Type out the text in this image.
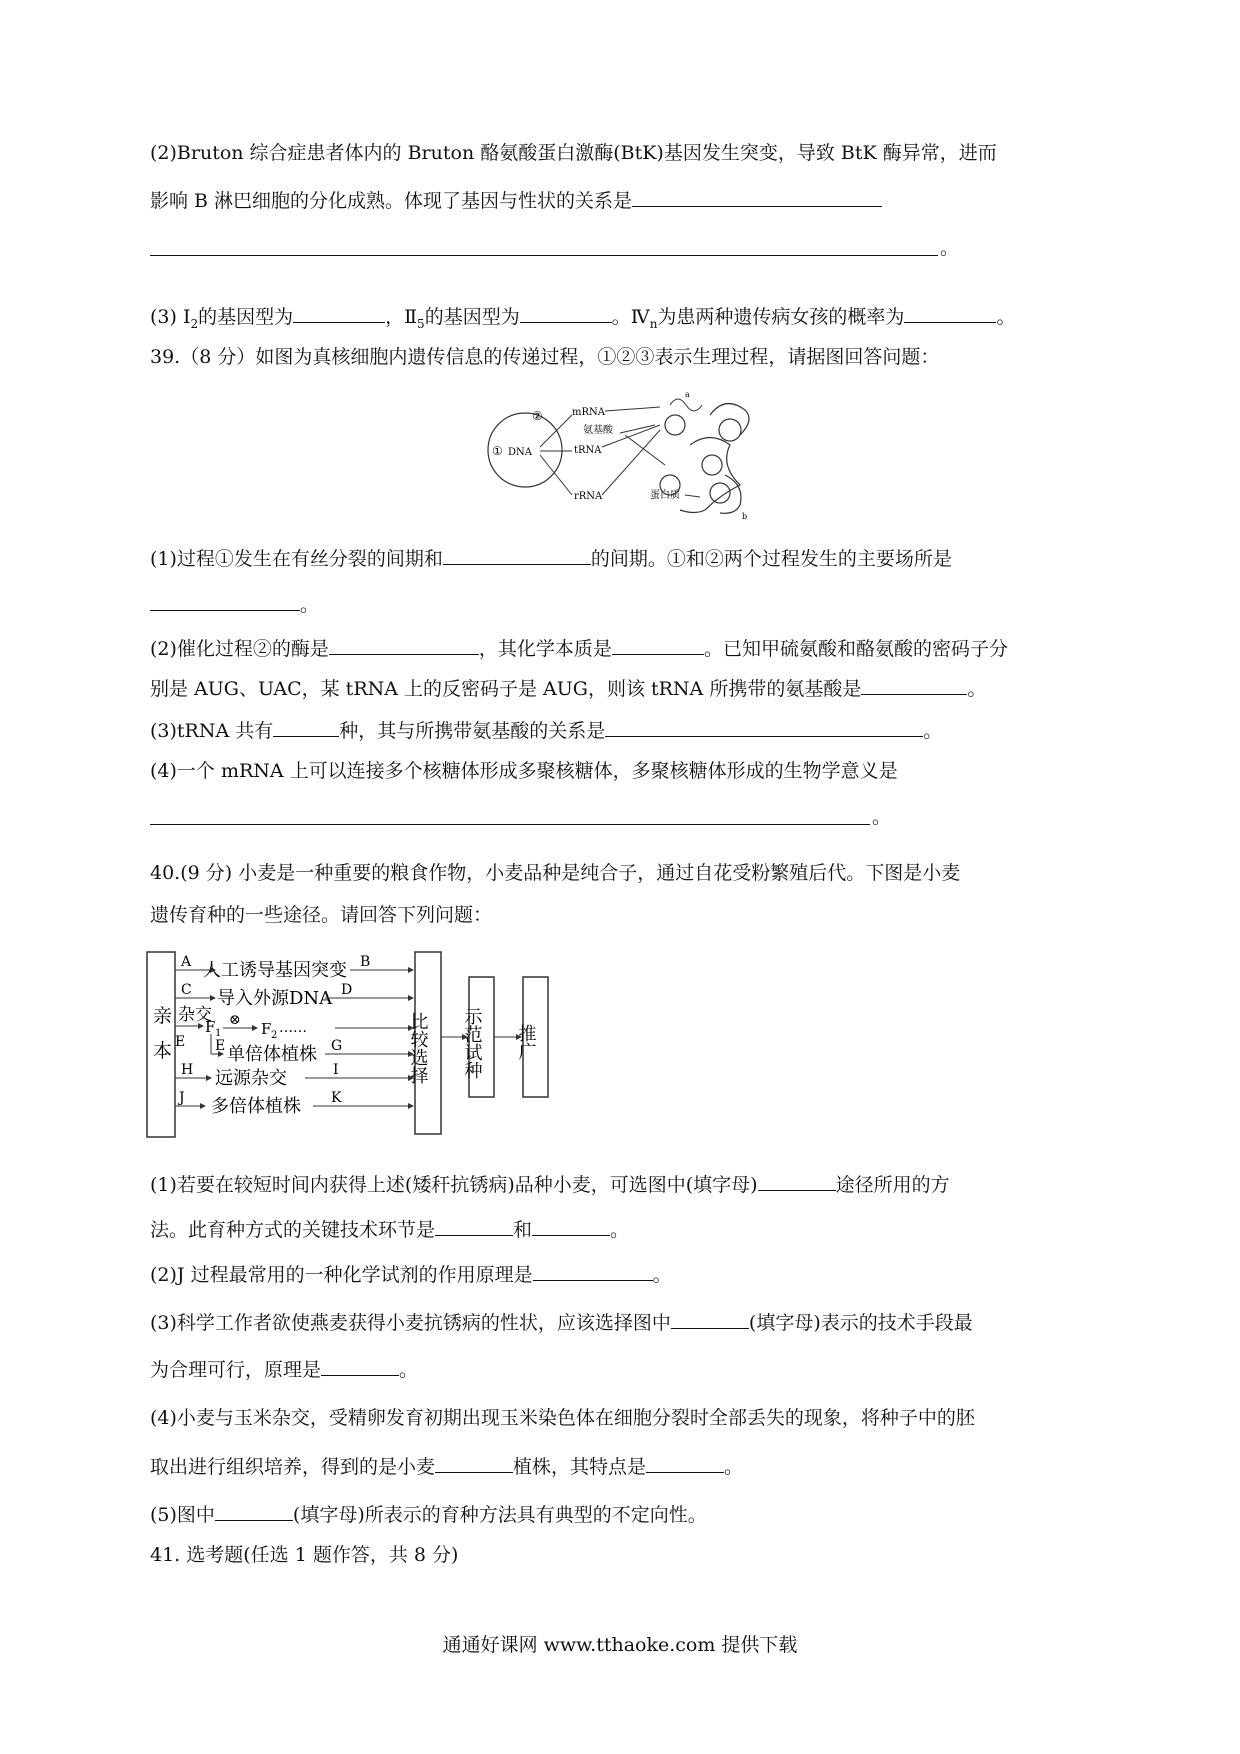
(2)Bruton 综合症患者体内的 Bruton 酪氨酸蛋白激酶(BtK)基因发生突变，导致 BtK 酶异常，进而
影响 B 淋巴细胞的分化成熟。体现了基因与性状的关系是
。
(3) $Ⅰ_2$的基因型为	，$Ⅱ_5$的基因型为	。$Ⅳ_n$为患两种遗传病女孩的概率为	。
39.（8 分）如图为真核细胞内遗传信息的传递过程，①②③表示生理过程，请据图回答问题：
① DNA
②	mRNA
tRNA
rRNA
氨基酸
蛋白质
a
b
(1)过程①发生在有丝分裂的间期和	的间期。①和②两个过程发生的主要场所是
。
(2)催化过程②的酶是	，其化学本质是	。已知甲硫氨酸和酪氨酸的密码子分
别是 AUG、UAC，某 tRNA 上的反密码子是 AUG，则该 tRNA 所携带的氨基酸是	。
(3)tRNA 共有	种，其与所携带氨基酸的关系是	。
(4)一个 mRNA 上可以连接多个核糖体形成多聚核糖体，多聚核糖体形成的生物学意义是
。
40.(9 分) 小麦是一种重要的粮食作物，小麦品种是纯合子，通过自花受粉繁殖后代。下图是小麦
遗传育种的一些途径。请回答下列问题：
亲
本	比较选择 示范试种 推广
A 人工诱导基因突变 B
C 导入外源DNA D
杂交
F 1
⊗ F 2 ……
E E 单倍体植株 G
H 远源杂交	I
J 多倍体植株 K
(1)若要在较短时间内获得上述(矮秆抗锈病)品种小麦，可选图中(填字母)	途径所用的方
法。此育种方式的关键技术环节是	和	。
(2)J 过程最常用的一种化学试剂的作用原理是	。
(3)科学工作者欲使燕麦获得小麦抗锈病的性状，应该选择图中	(填字母)表示的技术手段最
为合理可行，原理是	。
(4)小麦与玉米杂交，受精卵发育初期出现玉米染色体在细胞分裂时全部丢失的现象，将种子中的胚
取出进行组织培养，得到的是小麦	植株，其特点是	。
(5)图中	(填字母)所表示的育种方法具有典型的不定向性。
41. 选考题(任选 1 题作答，共 8 分)
通通好课网 www.tthaoke.com 提供下载
